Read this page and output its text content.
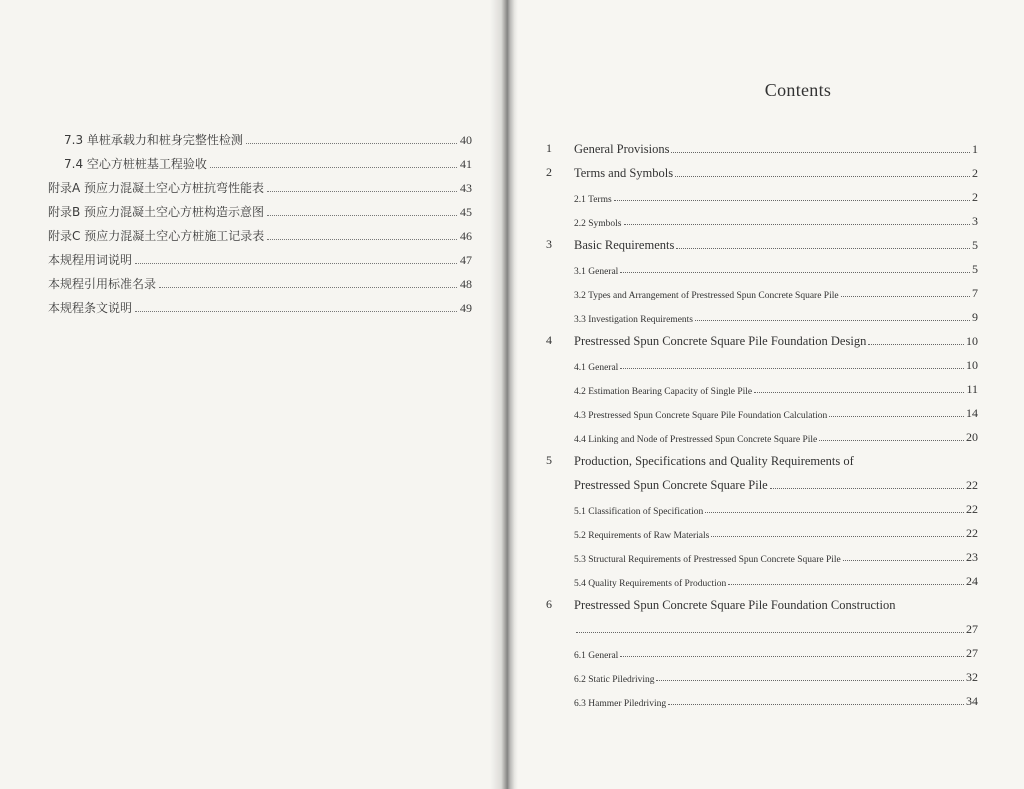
7.3 单桩承载力和桩身完整性检测	40
7.4 空心方桩桩基工程验收	41
附录A 预应力混凝土空心方桩抗弯性能表	43
附录B 预应力混凝土空心方桩构造示意图	45
附录C 预应力混凝土空心方桩施工记录表	46
本规程用词说明	47
本规程引用标准名录	48
本规程条文说明	49
Contents
1	General Provisions	1
2	Terms and Symbols	2
2.1 Terms	2
2.2 Symbols	3
3	Basic Requirements	5
3.1 General	5
3.2 Types and Arrangement of Prestressed Spun Concrete Square Pile	7
3.3 Investigation Requirements	9
4	Prestressed Spun Concrete Square Pile Foundation Design	10
4.1 General	10
4.2 Estimation Bearing Capacity of Single Pile	11
4.3 Prestressed Spun Concrete Square Pile Foundation Calculation	14
4.4 Linking and Node of Prestressed Spun Concrete Square Pile	20
5	Production, Specifications and Quality Requirements of
Prestressed Spun Concrete Square Pile	22
5.1 Classification of Specification	22
5.2 Requirements of Raw Materials	22
5.3 Structural Requirements of Prestressed Spun Concrete Square Pile	23
5.4 Quality Requirements of Production	24
6	Prestressed Spun Concrete Square Pile Foundation Construction
27
6.1 General	27
6.2 Static Piledriving	32
6.3 Hammer Piledriving	34
